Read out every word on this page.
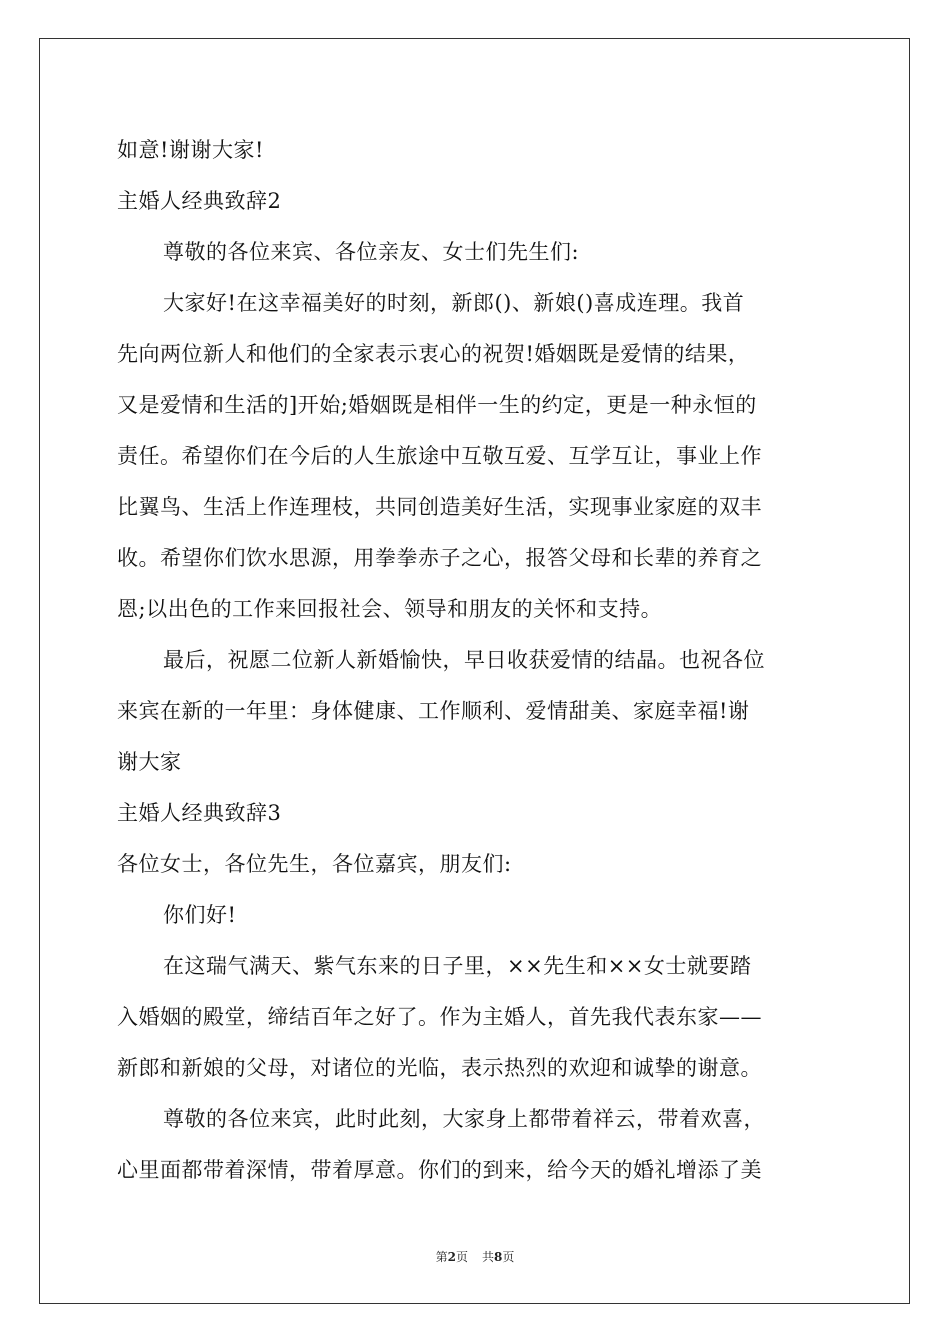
如意!谢谢大家!
主婚人经典致辞2
尊敬的各位来宾、各位亲友、女士们先生们:
大家好!在这幸福美好的时刻，新郎()、新娘()喜成连理。我首
先向两位新人和他们的全家表示衷心的祝贺!婚姻既是爱情的结果，
又是爱情和生活的]开始;婚姻既是相伴一生的约定，更是一种永恒的
责任。希望你们在今后的人生旅途中互敬互爱、互学互让，事业上作
比翼鸟、生活上作连理枝，共同创造美好生活，实现事业家庭的双丰
收。希望你们饮水思源，用拳拳赤子之心，报答父母和长辈的养育之
恩;以出色的工作来回报社会、领导和朋友的关怀和支持。
最后，祝愿二位新人新婚愉快，早日收获爱情的结晶。也祝各位
来宾在新的一年里：身体健康、工作顺利、爱情甜美、家庭幸福!谢
谢大家
主婚人经典致辞3
各位女士，各位先生，各位嘉宾，朋友们:
你们好!
在这瑞气满天、紫气东来的日子里，××先生和××女士就要踏
入婚姻的殿堂，缔结百年之好了。作为主婚人，首先我代表东家——
新郎和新娘的父母，对诸位的光临，表示热烈的欢迎和诚挚的谢意。
尊敬的各位来宾，此时此刻，大家身上都带着祥云，带着欢喜，
心里面都带着深情，带着厚意。你们的到来，给今天的婚礼增添了美
第2页 共8页
